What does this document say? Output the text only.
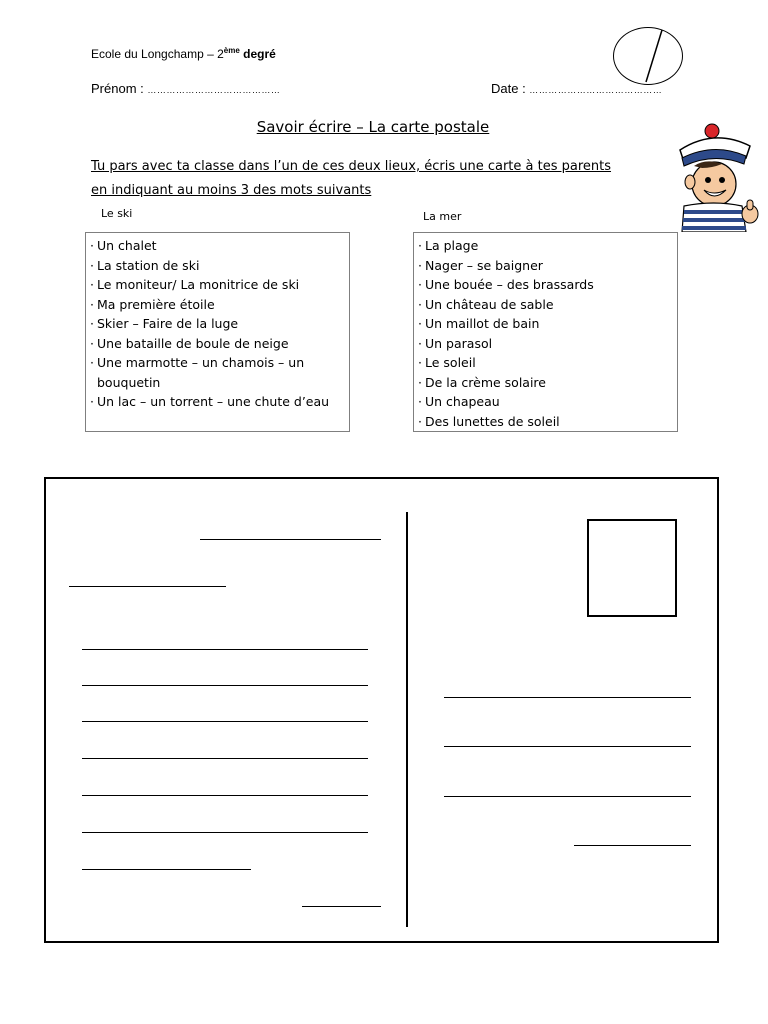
Ecole du Longchamp – 2ème degré
Prénom : ……………………………………	Date : ……………………………………
Savoir écrire – La carte postale
Tu pars avec ta classe dans l’un de ces deux lieux, écris une carte à tes parents en indiquant au moins 3 des mots suivants
Le ski	La mer
· Un chalet
· La station de ski
· Le moniteur/ La monitrice de ski
· Ma première étoile
· Skier – Faire de la luge
· Une bataille de boule de neige
· Une marmotte – un chamois – un
bouquetin
· Un lac – un torrent – une chute d’eau
· La plage
· Nager – se baigner
· Une bouée – des brassards
· Un château de sable
· Un maillot de bain
· Un parasol
· Le soleil
· De la crème solaire
· Un chapeau
· Des lunettes de soleil
